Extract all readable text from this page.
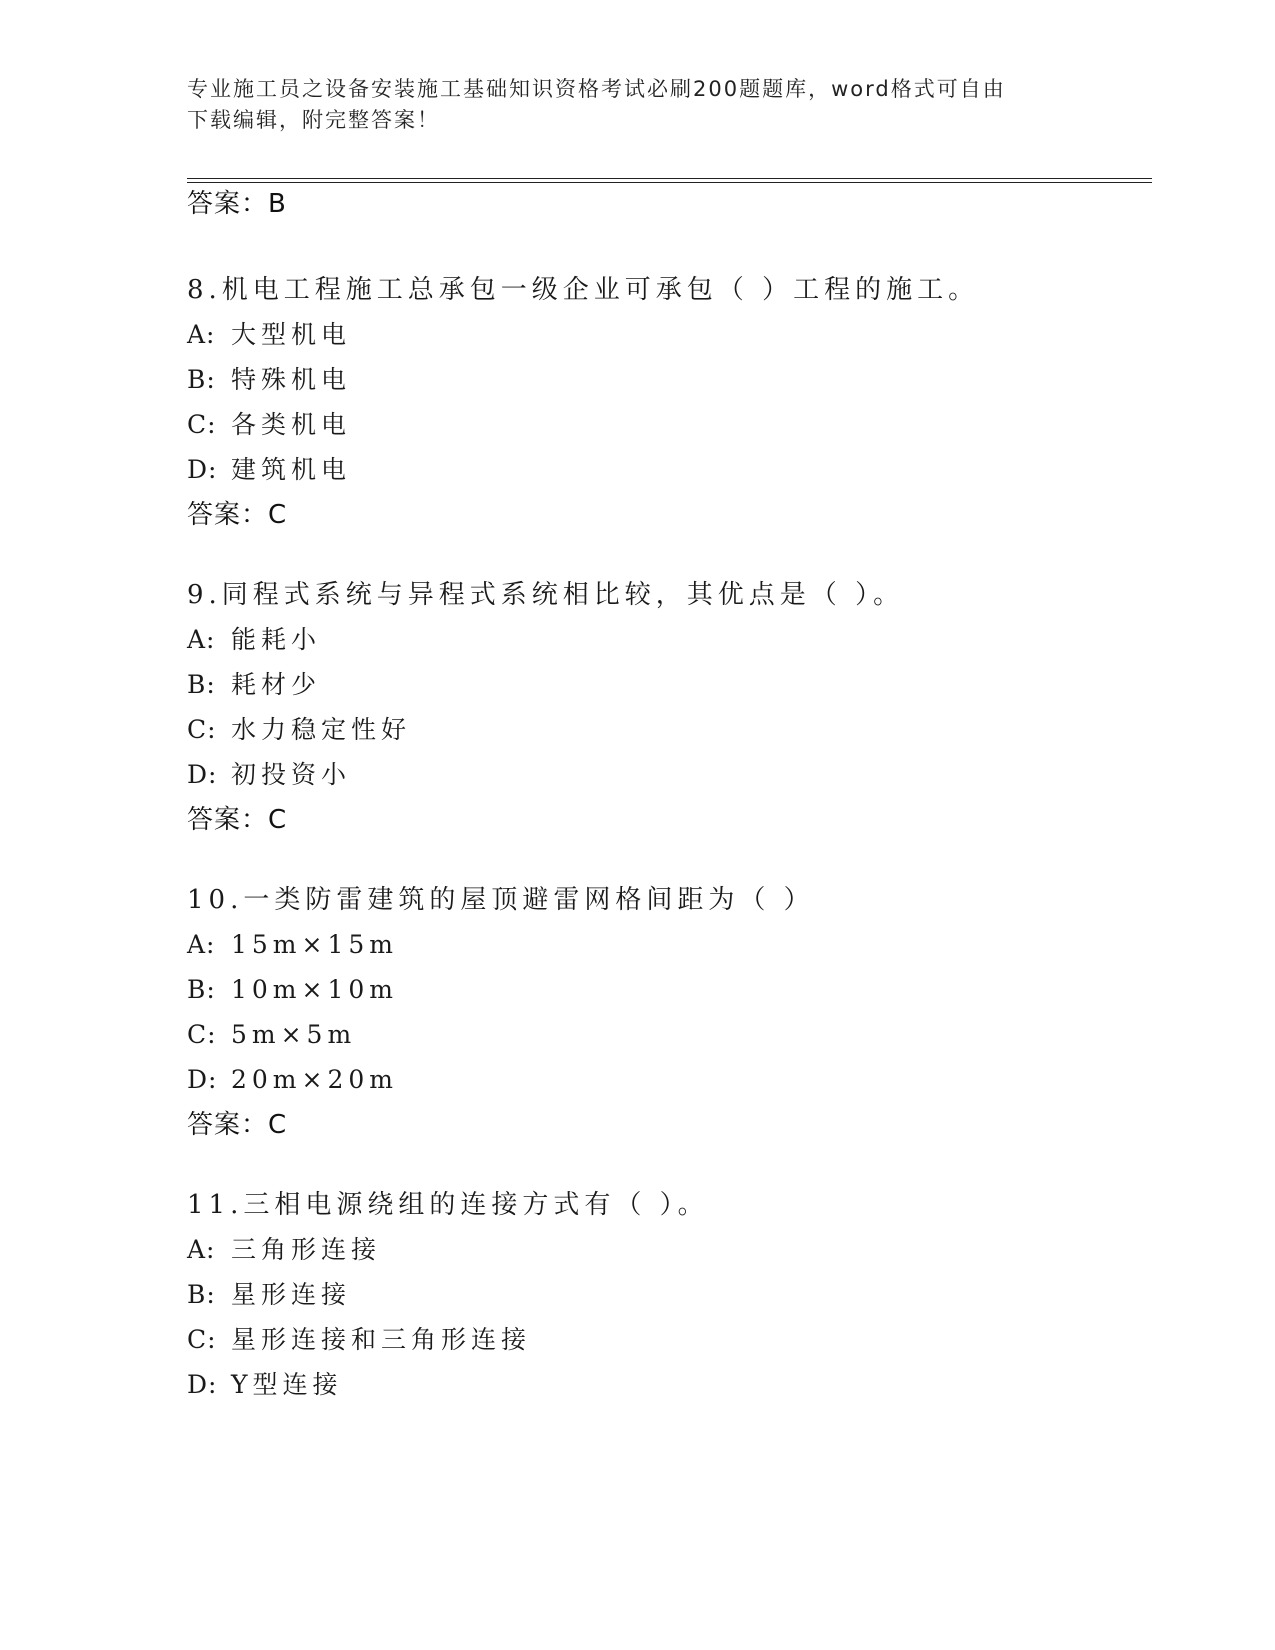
专业施工员之设备安装施工基础知识资格考试必刷200题题库，word格式可自由
下载编辑，附完整答案！
答案：B
8.机电工程施工总承包一级企业可承包（ ）工程的施工。
A: 大型机电
B: 特殊机电
C: 各类机电
D: 建筑机电
答案：C
9.同程式系统与异程式系统相比较，其优点是（ ）。
A: 能耗小
B: 耗材少
C: 水力稳定性好
D: 初投资小
答案：C
10.一类防雷建筑的屋顶避雷网格间距为（ ）
A: 15m×15m
B: 10m×10m
C: 5m×5m
D: 20m×20m
答案：C
11.三相电源绕组的连接方式有（ ）。
A: 三角形连接
B: 星形连接
C: 星形连接和三角形连接
D: Y型连接
